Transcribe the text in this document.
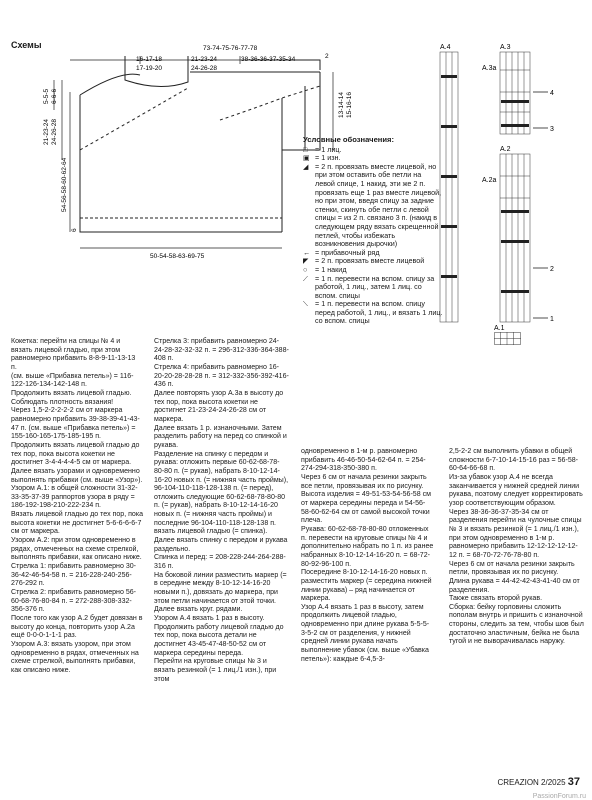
Схемы	73-74-75-76-77-78
16-17-18
17-19-20
21-23-24
24-26-28
38-36-36-37-35-34
5-5-5 6-6-6
21-23-24 24-26-28
54-56-58-60-62-64
6
50-54-58-63-69-75
13-14-14 15-16-16
2
A.4	A.3
A.3a
4
3
A.2
A.2a
2
1
A.1
Условные обозначения:
□	= 1 лиц.
▣ = 1 изн.
◢ = 2 п. провязать вместе лицевой, но при этом оставить обе петли на левой спице, 1 накид, эти же 2 п. провязать еще 1 раз вместе лицевой, но при этом, введя спицу за задние стенки, скинуть обе петли с левой спицы = из 2 п. связано 3 п. (накид в следующем ряду вязать скрещенной петлей, чтобы избежать возникновения дырочки)
← = прибавочный ряд
◤ = 2 п. провязать вместе лицевой
○	= 1 накид
⟋ = 1 п. перевести на вспом. спицу за работой, 1 лиц., затем 1 лиц. со вспом. спицы
⟍ = 1 п. перевести на вспом. спицу перед работой, 1 лиц., и вязать 1 лиц. со вспом. спицы
Кокетка: перейти на спицы № 4 и вязать лицевой гладью, при этом равномерно прибавить 8-8-9-11-13-13 п.
(см. выше «Прибавка петель») = 116-122-126-134-142-148 п.
Продолжить вязать лицевой гладью. Соблюдать плотность вязания!
Через 1,5-2-2-2-2-2 см от маркера равномерно прибавить 39-38-39-41-43-47 п. (см. выше «Прибавка петель») = 155-160-165-175-185-195 п.
Продолжить вязать лицевой гладью до тех пор, пока высота кокетки не достигнет 3-4-4-4-4-5 см от маркера.
Далее вязать узорами и одновременно выполнять прибавки (см. выше «Узор»).
Узором А.1: в общей сложности 31-32-33-35-37-39 раппортов узора в ряду = 186-192-198-210-222-234 п.
Вязать лицевой гладью до тех пор, пока высота кокетки не достигнет 5-6-6-6-6-7 см от маркера.
Узором А.2: при этом одновременно в рядах, отмеченных на схеме стрелкой, выполнять прибавки, как описано ниже.
Стрелка 1: прибавить равномерно 30-36-42-46-54-58 п. = 216-228-240-256-276-292 п.
Стрелка 2: прибавить равномерно 56-60-68-76-80-84 п. = 272-288-308-332-356-376 п.
После того как узор А.2 будет довязан в высоту до конца, повторить узор А.2а ещё 0-0-0-1-1-1 раз.
Узором А.3: вязать узором, при этом одновременно в рядах, отмеченных на схеме стрелкой, выполнять прибавки, как описано ниже.
Стрелка 3: прибавить равномерно 24-24-28-32-32-32 п. = 296-312-336-364-388-408 п.
Стрелка 4: прибавить равномерно 16-20-20-28-28-28 п. = 312-332-356-392-416-436 п.
Далее повторять узор А.3а в высоту до тех пор, пока высота кокетки не достигнет 21-23-24-24-26-28 см от маркера.
Далее вязать 1 р. изнаночными. Затем разделить работу на перед со спинкой и рукава.
Разделение на спинку с передом и рукава: отложить первые 60-62-68-78-80-80 п. (= рукав), набрать 8-10-12-14-16-20 новых п. (= нижняя часть проймы), 96-104-110-118-128-138 п. (= перед), отложить следующие 60-62-68-78-80-80 п. (= рукав), набрать 8-10-12-14-16-20 новых п. (= нижняя часть проймы) и последние 96-104-110-118-128-138 п. вязать лицевой гладью (= спинка).
Далее вязать спинку с передом и рукава раздельно.
Спинка и перед: = 208-228-244-264-288-316 п.
На боковой линии разместить маркер (= в середине между 8-10-12-14-16-20 новыми п.), довязать до маркера, при этом петли начинается от этой точки. Далее вязать круг. рядами.
Узором А.4 вязать 1 раз в высоту.
Продолжить работу лицевой гладью до тех пор, пока высота детали не достигнет 43-45-47-48-50-52 см от маркера середины переда.
Перейти на круговые спицы № 3 и вязать резинкой (= 1 лиц./1 изн.), при этом
одновременно в 1-м р. равномерно прибавить 46-46-50-54-62-64 п. = 254-274-294-318-350-380 п.
Через 6 см от начала резинки закрыть все петли, провязывая их по рисунку.
Высота изделия = 49-51-53-54-56-58 см от маркера середины переда и 54-56-58-60-62-64 см от самой высокой точки плеча.
Рукава: 60-62-68-78-80-80 отложенных п. перевести на круговые спицы № 4 и дополнительно набрать по 1 п. из ранее набранных 8-10-12-14-16-20 п. = 68-72-80-92-96-100 п.
Посередине 8-10-12-14-16-20 новых п. разместить маркер (= середина нижней линии рукава) – ряд начинается от маркера.
Узор А.4 вязать 1 раз в высоту, затем продолжить лицевой гладью, одновременно при длине рукава 5-5-5-3-5-2 см от разделения, у нижней средней линии рукава начать выполнение убавок (см. выше «Убавка петель»): каждые 6-4,5-3-
2,5-2-2 см выполнить убавки в общей сложности 6-7-10-14-15-16 раз = 56-58-60-64-66-68 п.
Из-за убавок узор А.4 не всегда заканчивается у нижней средней линии рукава, поэтому следует корректировать узор соответствующим образом.
Через 38-36-36-37-35-34 см от разделения перейти на чулочные спицы № 3 и вязать резинкой (= 1 лиц./1 изн.), при этом одновременно в 1-м р. равномерно прибавить 12-12-12-12-12-12 п. = 68-70-72-76-78-80 п.
Через 6 см от начала резинки закрыть петли, провязывая их по рисунку.
Длина рукава = 44-42-42-43-41-40 см от разделения.
Также связать второй рукав.
Сборка: бейку горловины сложить пополам внутрь и пришить с изнаночной стороны, следить за тем, чтобы шов был достаточно эластичным, бейка не была тугой и не выворачивалась наружу.
CREAZION 2/2025 37
PassionForum.ru
